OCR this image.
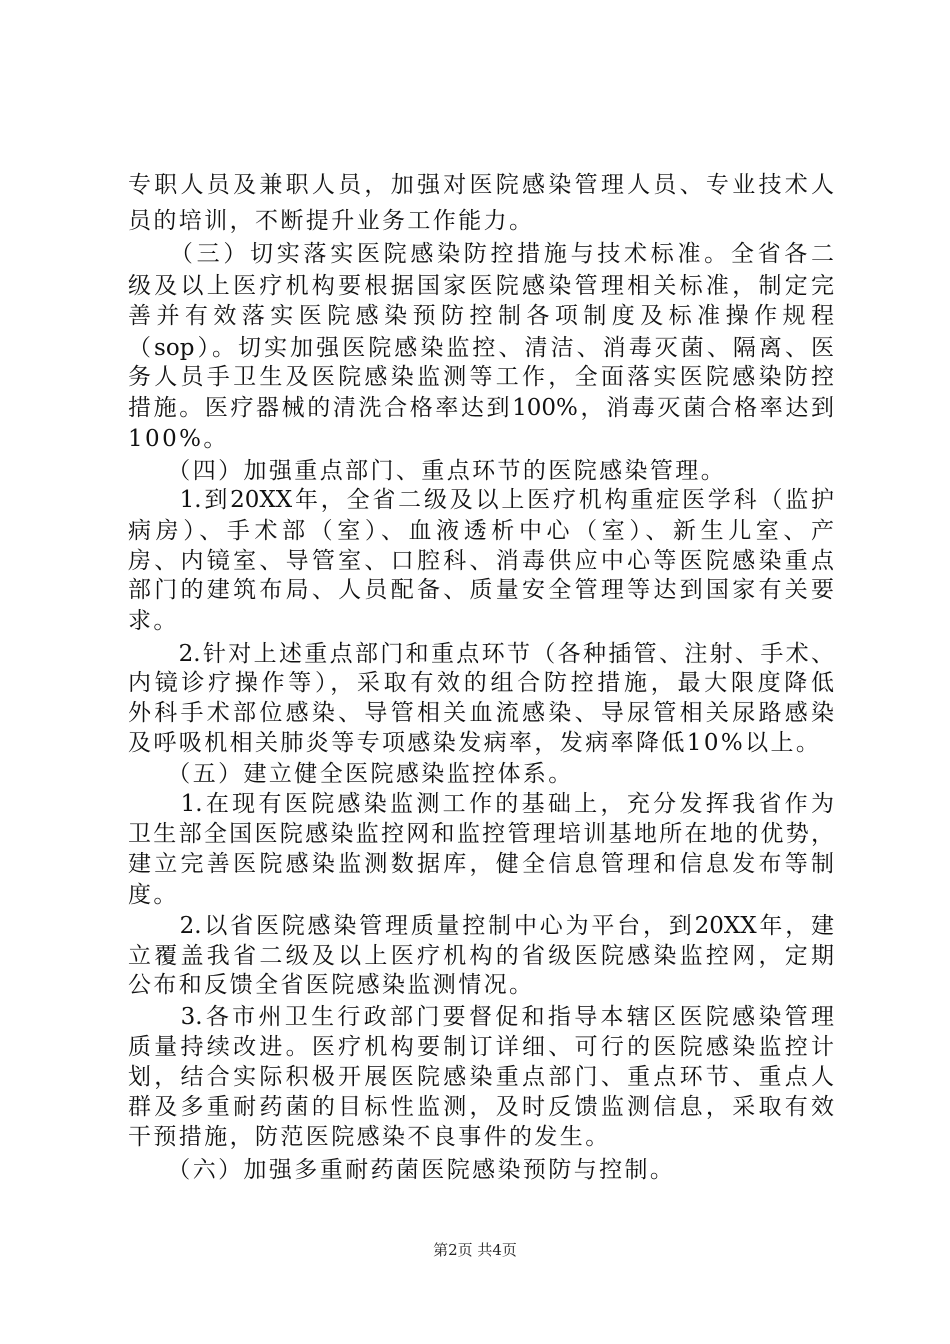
专职人员及兼职人员，加强对医院感染管理人员、专业技术人
员的培训，不断提升业务工作能力。
　　（三）切实落实医院感染防控措施与技术标准。全省各二
级及以上医疗机构要根据国家医院感染管理相关标准，制定完
善并有效落实医院感染预防控制各项制度及标准操作规程
（sop）。切实加强医院感染监控、清洁、消毒灭菌、隔离、医
务人员手卫生及医院感染监测等工作，全面落实医院感染防控
措施。医疗器械的清洗合格率达到100%，消毒灭菌合格率达到
100%。
　　（四）加强重点部门、重点环节的医院感染管理。
　　1.到20XX年，全省二级及以上医疗机构重症医学科（监护
病房）、手术部（室）、血液透析中心（室）、新生儿室、产
房、内镜室、导管室、口腔科、消毒供应中心等医院感染重点
部门的建筑布局、人员配备、质量安全管理等达到国家有关要
求。
　　2.针对上述重点部门和重点环节（各种插管、注射、手术、
内镜诊疗操作等），采取有效的组合防控措施，最大限度降低
外科手术部位感染、导管相关血流感染、导尿管相关尿路感染
及呼吸机相关肺炎等专项感染发病率，发病率降低10%以上。
　　（五）建立健全医院感染监控体系。
　　1.在现有医院感染监测工作的基础上，充分发挥我省作为
卫生部全国医院感染监控网和监控管理培训基地所在地的优势，
建立完善医院感染监测数据库，健全信息管理和信息发布等制
度。
　　2.以省医院感染管理质量控制中心为平台，到20XX年，建
立覆盖我省二级及以上医疗机构的省级医院感染监控网，定期
公布和反馈全省医院感染监测情况。
　　3.各市州卫生行政部门要督促和指导本辖区医院感染管理
质量持续改进。医疗机构要制订详细、可行的医院感染监控计
划，结合实际积极开展医院感染重点部门、重点环节、重点人
群及多重耐药菌的目标性监测，及时反馈监测信息，采取有效
干预措施，防范医院感染不良事件的发生。
　　（六）加强多重耐药菌医院感染预防与控制。
第2页 共4页
